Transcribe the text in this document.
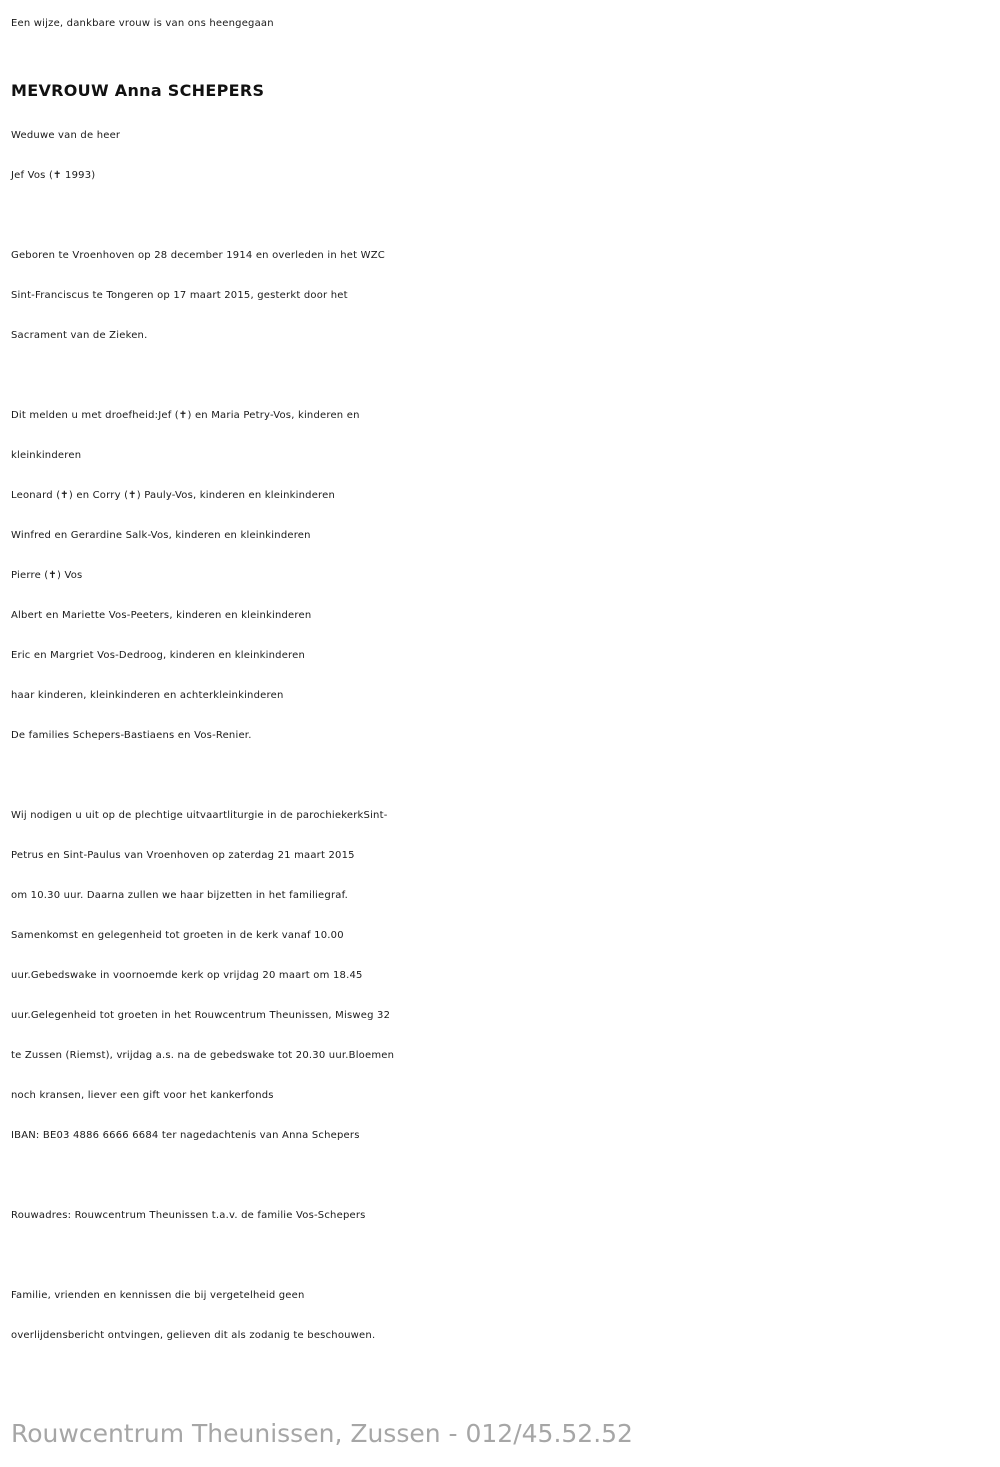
Een wijze, dankbare vrouw is van ons heengegaan
MEVROUW Anna SCHEPERS
Weduwe van de heer
Jef Vos (✝ 1993)
Geboren te Vroenhoven op 28 december 1914 en overleden in het WZC
Sint-Franciscus te Tongeren op 17 maart 2015, gesterkt door het
Sacrament van de Zieken.
Dit melden u met droefheid:Jef (✝) en Maria Petry-Vos, kinderen en
kleinkinderen
Leonard (✝) en Corry (✝) Pauly-Vos, kinderen en kleinkinderen
Winfred en Gerardine Salk-Vos, kinderen en kleinkinderen
Pierre (✝) Vos
Albert en Mariette Vos-Peeters, kinderen en kleinkinderen
Eric en Margriet Vos-Dedroog, kinderen en kleinkinderen
haar kinderen, kleinkinderen en achterkleinkinderen
De families Schepers-Bastiaens en Vos-Renier.
Wij nodigen u uit op de plechtige uitvaartliturgie in de parochiekerkSint-
Petrus en Sint-Paulus van Vroenhoven op zaterdag 21 maart 2015
om 10.30 uur. Daarna zullen we haar bijzetten in het familiegraf.
Samenkomst en gelegenheid tot groeten in de kerk vanaf 10.00
uur.Gebedswake in voornoemde kerk op vrijdag 20 maart om 18.45
uur.Gelegenheid tot groeten in het Rouwcentrum Theunissen, Misweg 32
te Zussen (Riemst), vrijdag a.s. na de gebedswake tot 20.30 uur.Bloemen
noch kransen, liever een gift voor het kankerfonds
IBAN: BE03 4886 6666 6684 ter nagedachtenis van Anna Schepers
Rouwadres: Rouwcentrum Theunissen t.a.v. de familie Vos-Schepers
Familie, vrienden en kennissen die bij vergetelheid geen
overlijdensbericht ontvingen, gelieven dit als zodanig te beschouwen.
Rouwcentrum Theunissen, Zussen - 012/45.52.52
